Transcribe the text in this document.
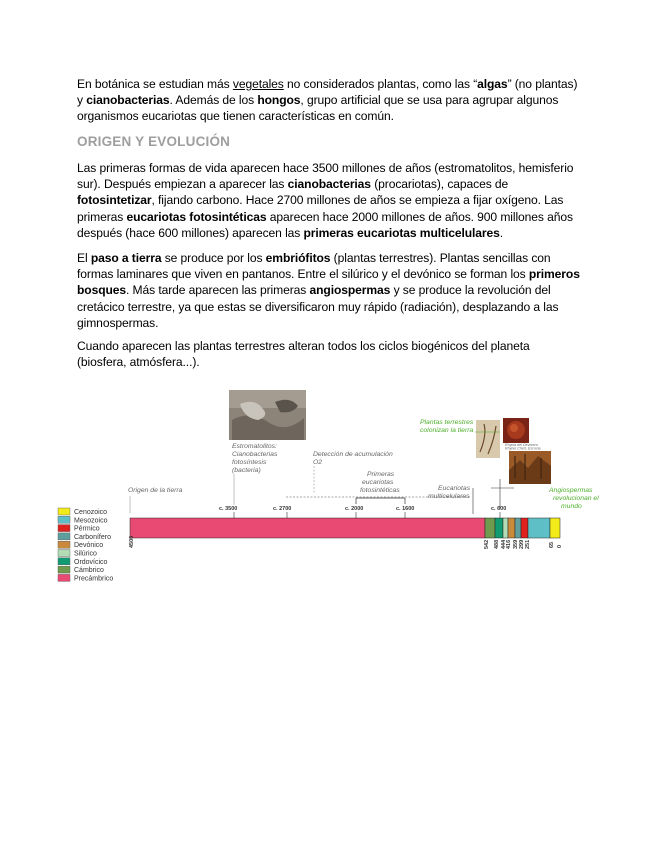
En botánica se estudian más vegetales no considerados plantas, como las “algas” (no plantas) y cianobacterias. Además de los hongos, grupo artificial que se usa para agrupar algunos organismos eucariotas que tienen características en común.

ORIGEN Y EVOLUCIÓN

Las primeras formas de vida aparecen hace 3500 millones de años (estromatolitos, hemisferio sur). Después empiezan a aparecer las cianobacterias (procariotas), capaces de fotosintetizar, fijando carbono. Hace 2700 millones de años se empieza a fijar oxígeno. Las primeras eucariotas fotosintéticas aparecen hace 2000 millones de años. 900 millones años después (hace 600 millones) aparecen las primeras eucariotas multicelulares.

El paso a tierra se produce por los embriófitos (plantas terrestres). Plantas sencillas con formas laminares que viven en pantanos. Entre el silúrico y el devónico se forman los primeros bosques. Más tarde aparecen las primeras angiospermas y se produce la revolución del cretácico terrestre, ya que estas se diversificaron muy rápido (radiación), desplazando a las gimnospermas.

Cuando aparecen las plantas terrestres alteran todos los ciclos biogénicos del planeta (biosfera, atmósfera...).

Rhynia del Devónico
Rhynie Chert, Escocia
Cenozoico
Mesozoico
Pérmico
Carbonífero
Devónico
Silúrico
Ordovícico
Cámbrico
Precámbrico
Origen de la tierra
Estromatolitos:
Cianobacterias
fotosíntesis
(bacteria)
Detección de acumulación
O2
Primeras
eucariotas
fotosintéticas	Eucariotas
multicelulares
Plantas terrestres
colonizan la tierra
Angiospermas
revolucionan el
mundo
4500
c. 3500	c. 2700	c. 2000	c. 1600	c. 600
542 488 444 416 359 299 251	65 0
